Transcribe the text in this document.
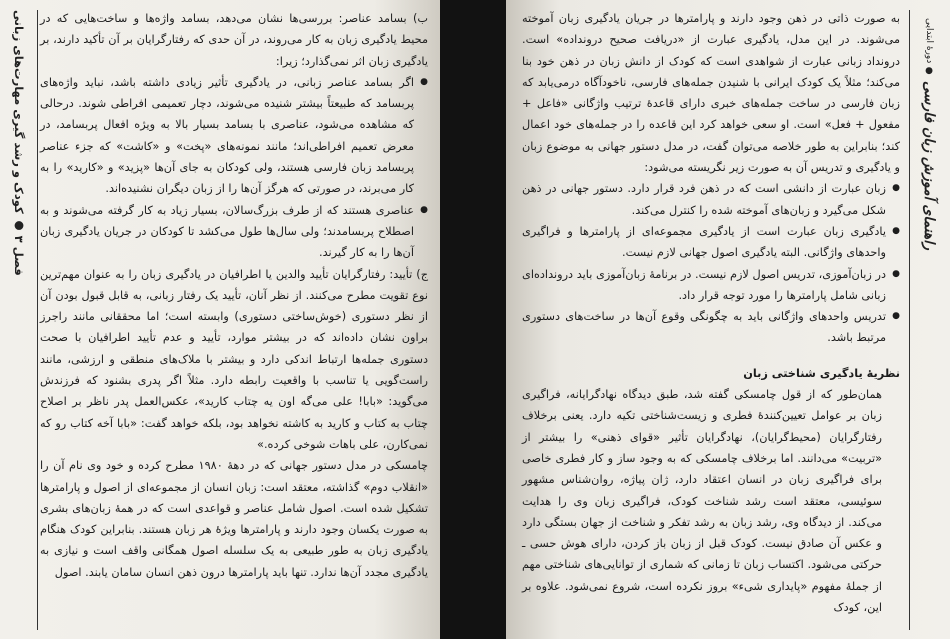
فصل ۳ ● کودک و رشد گیری مهارت‌های زبانی

ب) بسامد عناصر: بررسی‌ها نشان می‌دهد، بسامد واژه‌ها و ساخت‌هایی که در محیط یادگیری زبان به کار می‌روند، در آن حدی که رفتارگرایان بر آن تأکید دارند، بر یادگیری زبان اثر نمی‌گذارد؛ زیرا:

● اگر بسامد عناصر زبانی، در یادگیری تأثیر زیادی داشته باشد، نباید واژه‌های پربسامد که طبیعتاً بیشتر شنیده می‌شوند، دچار تعمیمی افراطی شوند. درحالی که مشاهده می‌شود، عناصری با بسامد بسیار بالا به ویژه افعال پربسامد، در معرض تعمیم افراطی‌اند؛ مانند نمونه‌های «پخت» و «کاشت» که جزء عناصر پربسامد زبان فارسی هستند، ولی کودکان به جای آن‌ها «پزید» و «کارید» را به کار می‌برند، در صورتی که هرگز آن‌ها را از زبان دیگران نشنیده‌اند.
● عناصری هستند که از طرف بزرگ‌سالان، بسیار زیاد به کار گرفته می‌شوند و به اصطلاح پربسامدند؛ ولی سال‌ها طول می‌کشد تا کودکان در جریان یادگیری زبان آن‌ها را به کار گیرند.

ج) تأیید: رفتارگرایان تأیید والدین یا اطرافیان در یادگیری زبان را به عنوان مهم‌ترین نوع تقویت مطرح می‌کنند. از نظر آنان، تأیید یک رفتار زبانی، به قابل قبول بودن آن از نظر دستوری (خوش‌ساختی دستوری) وابسته است؛ اما محققانی مانند راجرز براون نشان داده‌اند که در بیشتر موارد، تأیید و عدم تأیید اطرافیان با صحت دستوری جمله‌ها ارتباط اندکی دارد و بیشتر با ملاک‌های منطقی و ارزشی، مانند راست‌گویی یا تناسب با واقعیت رابطه دارد. مثلاً اگر پدری بشنود که فرزندش می‌گوید: «بابا! علی می‌گه اون یه چتاب کارید»، عکس‌العمل پدر ناظر بر اصلاح چتاب به کتاب و کارید به کاشته نخواهد بود، بلکه خواهد گفت: «بابا آخه کتاب رو که نمی‌کارن، علی باهات شوخی کرده.»

چامسکی در مدل دستور جهانی که در دههٔ ۱۹۸۰ مطرح کرده و خود وی نام آن را «انقلاب دوم» گذاشته، معتقد است: زبان انسان از مجموعه‌ای از اصول و پارامترها تشکیل شده است. اصول شامل عناصر و قواعدی است که در همهٔ زبان‌های بشری به صورت یکسان وجود دارند و پارامترها ویژهٔ هر زبان هستند. بنابراین کودک هنگام یادگیری زبان به طور طبیعی به یک سلسله اصول همگانی واقف است و نیازی به یادگیری مجدد آن‌ها ندارد. تنها باید پارامترها درون ذهن انسان سامان یابند. اصول

راهنمای آموزش زبان فارسی ● دورهٔ ابتدایی

به صورت ذاتی در ذهن وجود دارند و پارامترها در جریان یادگیری زبان آموخته می‌شوند. در این مدل، یادگیری عبارت از «دریافت صحیح درونداده» است. درونداد زبانی عبارت از شواهدی است که کودک از دانش زبان در ذهن خود بنا می‌کند؛ مثلاً یک کودک ایرانی با شنیدن جمله‌های فارسی، ناخودآگاه درمی‌یابد که زبان فارسی در ساخت جمله‌های خبری دارای قاعدهٔ ترتیب واژگانی «فاعل + مفعول + فعل» است. او سعی خواهد کرد این قاعده را در جمله‌های خود اعمال کند؛ بنابراین به طور خلاصه می‌توان گفت، در مدل دستور جهانی به موضوع زبان و یادگیری و تدریس آن به صورت زیر نگریسته می‌شود:

● زبان عبارت از دانشی است که در ذهن فرد قرار دارد. دستور جهانی در ذهن شکل می‌گیرد و زبان‌های آموخته شده را کنترل می‌کند.
● یادگیری زبان عبارت است از یادگیری مجموعه‌ای از پارامترها و فراگیری واحدهای واژگانی. البته یادگیری اصول جهانی لازم نیست.
● در زبان‌آموزی، تدریس اصول لازم نیست. در برنامهٔ زبان‌آموزی باید درونداده‌ای زبانی شامل پارامترها را مورد توجه قرار داد.
● تدریس واحدهای واژگانی باید به چگونگی وقوع آن‌ها در ساخت‌های دستوری مرتبط باشد.

نظریهٔ یادگیری شناختی زبان

همان‌طور که از قول چامسکی گفته شد، طبق دیدگاه نهادگرایانه، فراگیری زبان بر عوامل تعیین‌کنندهٔ فطری و زیست‌شناختی تکیه دارد. یعنی برخلاف رفتارگرایان (محیط‌گرایان)، نهادگرایان تأثیر «قوای ذهنی» را بیشتر از «تربیت» می‌دانند. اما برخلاف چامسکی که به وجود ساز و کار فطری خاصی برای فراگیری زبان در انسان اعتقاد دارد، ژان پیاژه، روان‌شناس مشهور سوئیسی، معتقد است رشد شناخت کودک، فراگیری زبان وی را هدایت می‌کند. از دیدگاه وی، رشد زبان به رشد تفکر و شناخت از جهان بستگی دارد و عکس آن صادق نیست. کودک قبل از زبان باز کردن، دارای هوش حسی ـ حرکتی می‌شود. اکتساب زبان تا زمانی که شماری از توانایی‌های شناختی مهم از جملهٔ مفهوم «پایداری شیء» بروز نکرده است، شروع نمی‌شود. علاوه بر این، کودک
